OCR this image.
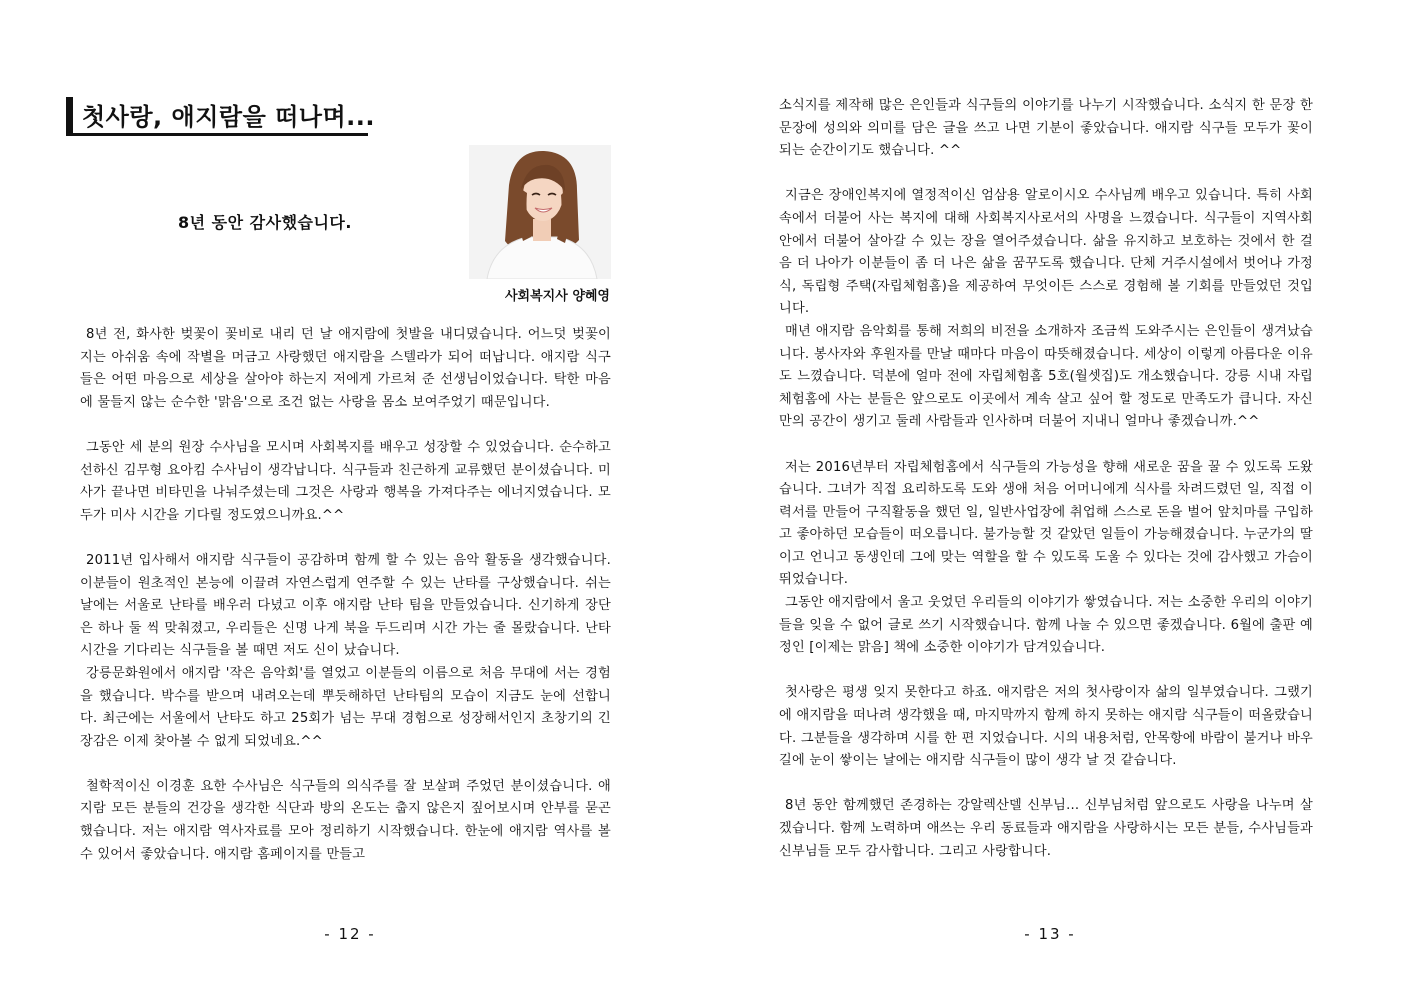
첫사랑, 애지람을 떠나며...
8년 동안 감사했습니다.
사회복지사 양혜영

8년 전, 화사한 벚꽃이 꽃비로 내리 던 날 애지람에 첫발을 내디뎠습니다. 어느덧 벚꽃이 지는 아쉬움 속에 작별을 머금고 사랑했던 애지람을 스텔라가 되어 떠납니다. 애지람 식구들은 어떤 마음으로 세상을 살아야 하는지 저에게 가르쳐 준 선생님이었습니다. 탁한 마음에 물들지 않는 순수한 '맑음'으로 조건 없는 사랑을 몸소 보여주었기 때문입니다.

그동안 세 분의 원장 수사님을 모시며 사회복지를 배우고 성장할 수 있었습니다. 순수하고 선하신 김무형 요아킴 수사님이 생각납니다. 식구들과 친근하게 교류했던 분이셨습니다. 미사가 끝나면 비타민을 나눠주셨는데 그것은 사랑과 행복을 가져다주는 에너지였습니다. 모두가 미사 시간을 기다릴 정도였으니까요.^^

2011년 입사해서 애지람 식구들이 공감하며 함께 할 수 있는 음악 활동을 생각했습니다. 이분들이 원초적인 본능에 이끌려 자연스럽게 연주할 수 있는 난타를 구상했습니다. 쉬는 날에는 서울로 난타를 배우러 다녔고 이후 애지람 난타 팀을 만들었습니다. 신기하게 장단은 하나 둘 씩 맞춰졌고, 우리들은 신명 나게 북을 두드리며 시간 가는 줄 몰랐습니다. 난타 시간을 기다리는 식구들을 볼 때면 저도 신이 났습니다.

강릉문화원에서 애지람 '작은 음악회'를 열었고 이분들의 이름으로 처음 무대에 서는 경험을 했습니다. 박수를 받으며 내려오는데 뿌듯해하던 난타팀의 모습이 지금도 눈에 선합니다. 최근에는 서울에서 난타도 하고 25회가 넘는 무대 경험으로 성장해서인지 초창기의 긴장감은 이제 찾아볼 수 없게 되었네요.^^

철학적이신 이경훈 요한 수사님은 식구들의 의식주를 잘 보살펴 주었던 분이셨습니다. 애지람 모든 분들의 건강을 생각한 식단과 방의 온도는 춥지 않은지 짚어보시며 안부를 묻곤 했습니다. 저는 애지람 역사자료를 모아 정리하기 시작했습니다. 한눈에 애지람 역사를 볼 수 있어서 좋았습니다. 애지람 홈페이지를 만들고

- 12 -

소식지를 제작해 많은 은인들과 식구들의 이야기를 나누기 시작했습니다. 소식지 한 문장 한 문장에 성의와 의미를 담은 글을 쓰고 나면 기분이 좋았습니다. 애지람 식구들 모두가 꽃이 되는 순간이기도 했습니다. ^^

지금은 장애인복지에 열정적이신 엄삼용 알로이시오 수사님께 배우고 있습니다. 특히 사회 속에서 더불어 사는 복지에 대해 사회복지사로서의 사명을 느꼈습니다. 식구들이 지역사회 안에서 더불어 살아갈 수 있는 장을 열어주셨습니다. 삶을 유지하고 보호하는 것에서 한 걸음 더 나아가 이분들이 좀 더 나은 삶을 꿈꾸도록 했습니다. 단체 거주시설에서 벗어나 가정식, 독립형 주택(자립체험홈)을 제공하여 무엇이든 스스로 경험해 볼 기회를 만들었던 것입니다.

매년 애지람 음악회를 통해 저희의 비전을 소개하자 조금씩 도와주시는 은인들이 생겨났습니다. 봉사자와 후원자를 만날 때마다 마음이 따뜻해졌습니다. 세상이 이렇게 아름다운 이유도 느꼈습니다. 덕분에 얼마 전에 자립체험홈 5호(월셋집)도 개소했습니다. 강릉 시내 자립체험홈에 사는 분들은 앞으로도 이곳에서 계속 살고 싶어 할 정도로 만족도가 큽니다. 자신만의 공간이 생기고 둘레 사람들과 인사하며 더불어 지내니 얼마나 좋겠습니까.^^

저는 2016년부터 자립체험홈에서 식구들의 가능성을 향해 새로운 꿈을 꿀 수 있도록 도왔습니다. 그녀가 직접 요리하도록 도와 생애 처음 어머니에게 식사를 차려드렸던 일, 직접 이력서를 만들어 구직활동을 했던 일, 일반사업장에 취업해 스스로 돈을 벌어 앞치마를 구입하고 좋아하던 모습들이 떠오릅니다. 불가능할 것 같았던 일들이 가능해졌습니다. 누군가의 딸이고 언니고 동생인데 그에 맞는 역할을 할 수 있도록 도울 수 있다는 것에 감사했고 가슴이 뛰었습니다.

그동안 애지람에서 울고 웃었던 우리들의 이야기가 쌓였습니다. 저는 소중한 우리의 이야기들을 잊을 수 없어 글로 쓰기 시작했습니다. 함께 나눌 수 있으면 좋겠습니다. 6월에 출판 예정인 [이제는 맑음] 책에 소중한 이야기가 담겨있습니다.

첫사랑은 평생 잊지 못한다고 하죠. 애지람은 저의 첫사랑이자 삶의 일부였습니다. 그랬기에 애지람을 떠나려 생각했을 때, 마지막까지 함께 하지 못하는 애지람 식구들이 떠올랐습니다. 그분들을 생각하며 시를 한 편 지었습니다. 시의 내용처럼, 안목항에 바람이 불거나 바우길에 눈이 쌓이는 날에는 애지람 식구들이 많이 생각 날 것 같습니다.

8년 동안 함께했던 존경하는 강알렉산델 신부님... 신부님처럼 앞으로도 사랑을 나누며 살겠습니다. 함께 노력하며 애쓰는 우리 동료들과 애지람을 사랑하시는 모든 분들, 수사님들과 신부님들 모두 감사합니다. 그리고 사랑합니다.

- 13 -
